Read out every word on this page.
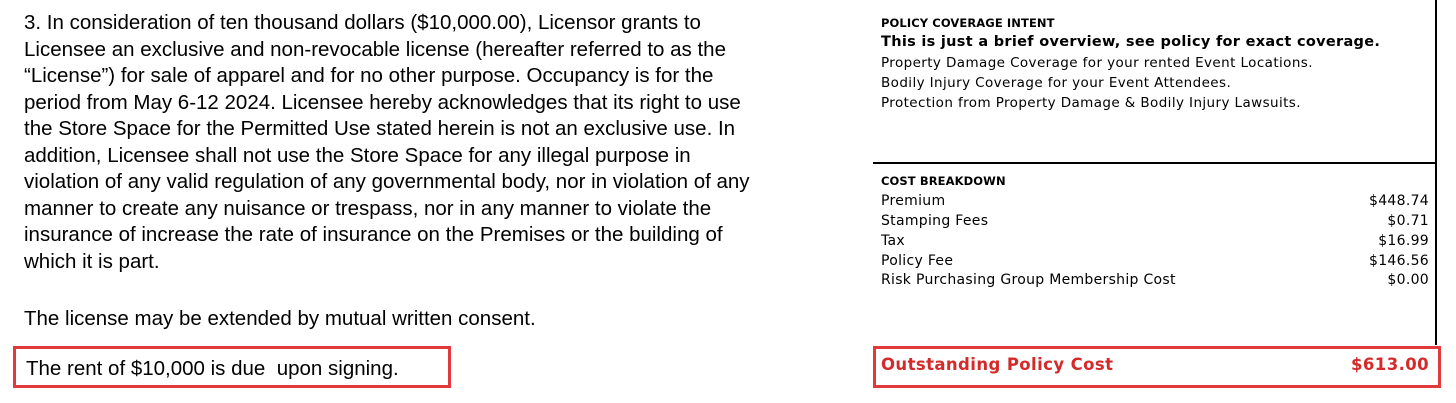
3. In consideration of ten thousand dollars ($10,000.00), Licensor grants to
Licensee an exclusive and non-revocable license (hereafter referred to as the
“License”) for sale of apparel and for no other purpose. Occupancy is for the
period from May 6-12 2024. Licensee hereby acknowledges that its right to use
the Store Space for the Permitted Use stated herein is not an exclusive use. In
addition, Licensee shall not use the Store Space for any illegal purpose in
violation of any valid regulation of any governmental body, nor in violation of any
manner to create any nuisance or trespass, nor in any manner to violate the
insurance of increase the rate of insurance on the Premises or the building of
which it is part.

The license may be extended by mutual written consent.
The rent of $10,000 is due  upon signing.
POLICY COVERAGE INTENT
This is just a brief overview, see policy for exact coverage.
Property Damage Coverage for your rented Event Locations.
Bodily Injury Coverage for your Event Attendees.
Protection from Property Damage & Bodily Injury Lawsuits.
COST BREAKDOWN
Premium	$448.74
Stamping Fees	$0.71
Tax	$16.99
Policy Fee	$146.56
Risk Purchasing Group Membership Cost	$0.00
Outstanding Policy Cost	$613.00
